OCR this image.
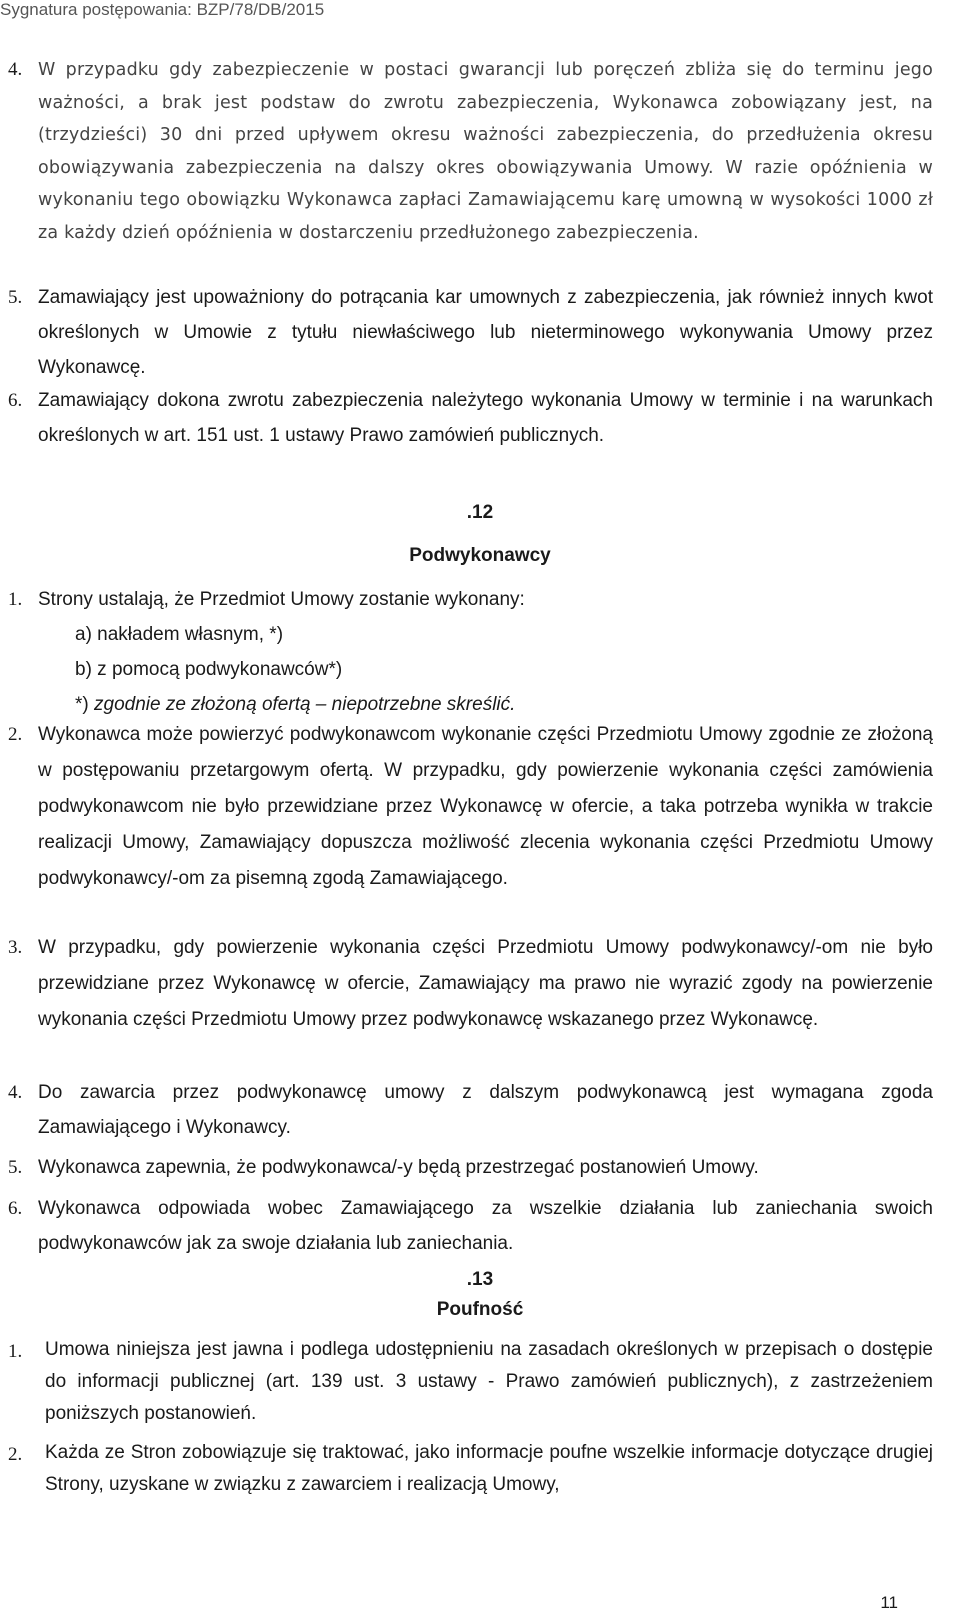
Sygnatura postępowania: BZP/78/DB/2015
4. W przypadku gdy zabezpieczenie w postaci gwarancji lub poręczeń zbliża się do terminu jego ważności, a brak jest podstaw do zwrotu zabezpieczenia, Wykonawca zobowiązany jest, na (trzydzieści) 30 dni przed upływem okresu ważności zabezpieczenia, do przedłużenia okresu obowiązywania zabezpieczenia na dalszy okres obowiązywania Umowy. W razie opóźnienia w wykonaniu tego obowiązku Wykonawca zapłaci Zamawiającemu karę umowną w wysokości 1000 zł za każdy dzień opóźnienia w dostarczeniu przedłużonego zabezpieczenia.
5. Zamawiający jest upoważniony do potrącania kar umownych z zabezpieczenia, jak również innych kwot określonych w Umowie z tytułu niewłaściwego lub nieterminowego wykonywania Umowy przez Wykonawcę.
6. Zamawiający dokona zwrotu zabezpieczenia należytego wykonania Umowy w terminie i na warunkach określonych w art. 151 ust. 1 ustawy Prawo zamówień publicznych.
.12
Podwykonawcy
1. Strony ustalają, że Przedmiot Umowy zostanie wykonany:
a) nakładem własnym, *)
b) z pomocą podwykonawców*)
*) zgodnie ze złożoną ofertą – niepotrzebne skreślić.
2. Wykonawca może powierzyć podwykonawcom wykonanie części Przedmiotu Umowy zgodnie ze złożoną w postępowaniu przetargowym ofertą. W przypadku, gdy powierzenie wykonania części zamówienia podwykonawcom nie było przewidziane przez Wykonawcę w ofercie, a taka potrzeba wynikła w trakcie realizacji Umowy, Zamawiający dopuszcza możliwość zlecenia wykonania części Przedmiotu Umowy podwykonawcy/-om za pisemną zgodą Zamawiającego.
3. W przypadku, gdy powierzenie wykonania części Przedmiotu Umowy podwykonawcy/-om nie było przewidziane przez Wykonawcę w ofercie, Zamawiający ma prawo nie wyrazić zgody na powierzenie wykonania części Przedmiotu Umowy przez podwykonawcę wskazanego przez Wykonawcę.
4. Do zawarcia przez podwykonawcę umowy z dalszym podwykonawcą jest wymagana zgoda Zamawiającego i Wykonawcy.
5. Wykonawca zapewnia, że podwykonawca/-y będą przestrzegać postanowień Umowy.
6. Wykonawca odpowiada wobec Zamawiającego za wszelkie działania lub zaniechania swoich podwykonawców jak za swoje działania lub zaniechania.
.13
Poufność
1. Umowa niniejsza jest jawna i podlega udostępnieniu na zasadach określonych w przepisach o dostępie do informacji publicznej (art. 139 ust. 3 ustawy - Prawo zamówień publicznych), z zastrzeżeniem poniższych postanowień.
2. Każda ze Stron zobowiązuje się traktować, jako informacje poufne wszelkie informacje dotyczące drugiej Strony, uzyskane w związku z zawarciem i realizacją Umowy,
11
